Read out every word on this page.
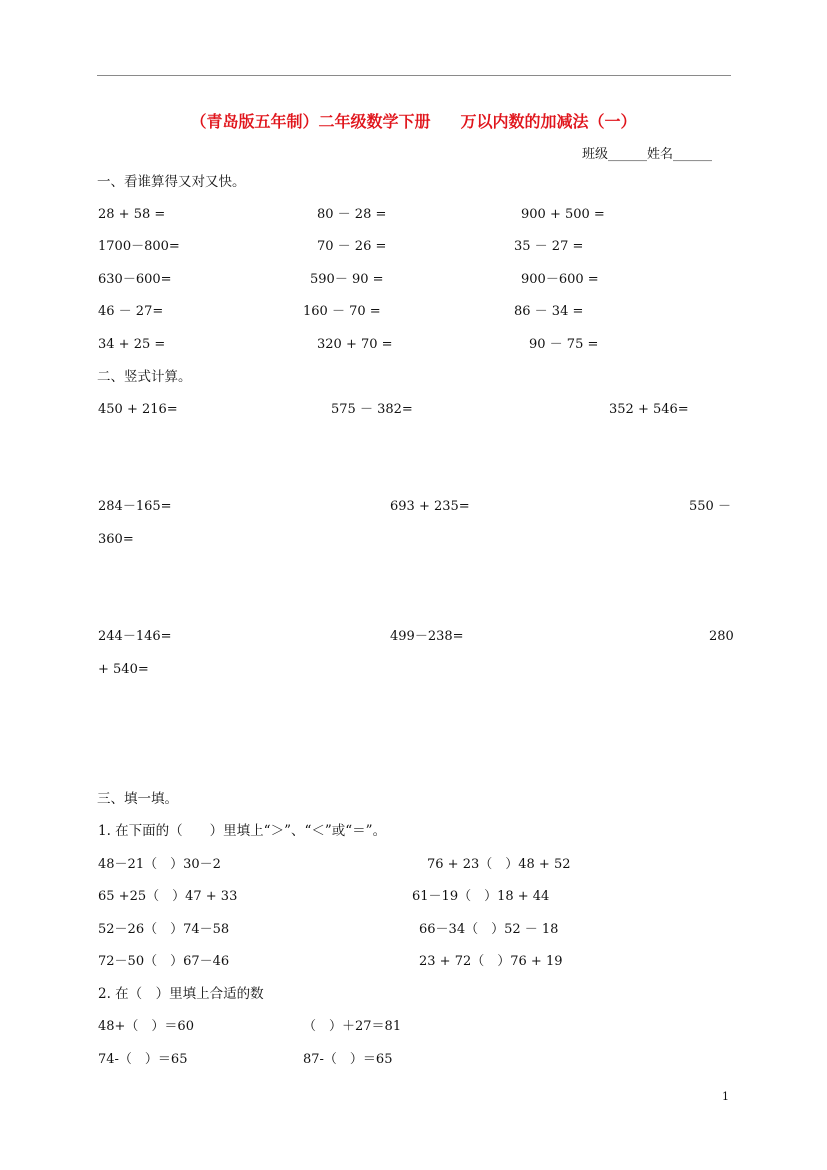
（青岛版五年制）二年级数学下册 万以内数的加减法（一）
班级______姓名______
一、看谁算得又对又快。
28 + 58 =	80 － 28 =	900 + 500 =
1700－800=	70 － 26 =	35 － 27 =
630－600=	590－ 90 =	900－600 =
46 － 27=	160 － 70 =	86 － 34 =
34 + 25 =	320 + 70 =	90 － 75 =
二、竖式计算。
450 + 216=	575 － 382=	352 + 546=
284－165=	693 + 235=	550 －
360=
244－146=	499－238=	280
+ 540=
三、填一填。
1. 在下面的（　　）里填上“＞”、“＜”或“＝”。
48－21（　）30－2	76 + 23（　）48 + 52
65 +25（　）47 + 33	61－19（　）18 + 44
52－26（　）74－58	66－34（　）52 － 18
72－50（　）67－46	23 + 72（　）76 + 19
2. 在（　）里填上合适的数
48+（　）＝60	（　）＋27＝81
74-（　）＝65	87-（　）＝65
1
